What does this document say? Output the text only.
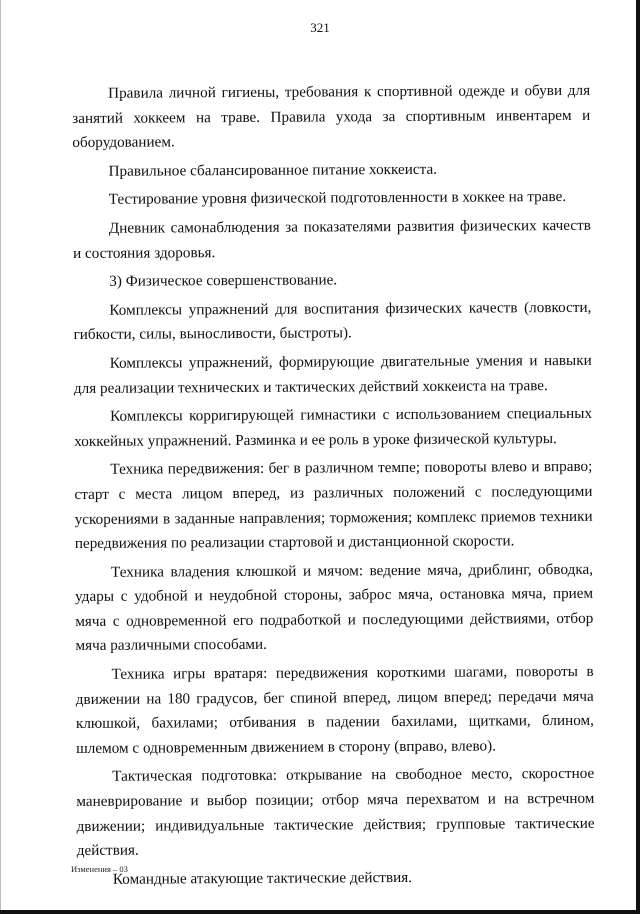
321

Правила личной гигиены, требования к спортивной одежде и обуви для занятий хоккеем на траве. Правила ухода за спортивным инвентарем и оборудованием.

Правильное сбалансированное питание хоккеиста.

Тестирование уровня физической подготовленности в хоккее на траве.

Дневник самонаблюдения за показателями развития физических качеств и состояния здоровья.

3) Физическое совершенствование.

Комплексы упражнений для воспитания физических качеств (ловкости, гибкости, силы, выносливости, быстроты).

Комплексы упражнений, формирующие двигательные умения и навыки для реализации технических и тактических действий хоккеиста на траве.

Комплексы корригирующей гимнастики с использованием специальных хоккейных упражнений. Разминка и ее роль в уроке физической культуры.

Техника передвижения: бег в различном темпе; повороты влево и вправо; старт с места лицом вперед, из различных положений с последующими ускорениями в заданные направления; торможения; комплекс приемов техники передвижения по реализации стартовой и дистанционной скорости.

Техника владения клюшкой и мячом: ведение мяча, дриблинг, обводка, удары с удобной и неудобной стороны, заброс мяча, остановка мяча, прием мяча с одновременной его подработкой и последующими действиями, отбор мяча различными способами.

Техника игры вратаря: передвижения короткими шагами, повороты в движении на 180 градусов, бег спиной вперед, лицом вперед; передачи мяча клюшкой, бахилами; отбивания в падении бахилами, щитками, блином, шлемом с одновременным движением в сторону (вправо, влево).

Тактическая подготовка: открывание на свободное место, скоростное маневрирование и выбор позиции; отбор мяча перехватом и на встречном движении; индивидуальные тактические действия; групповые тактические действия.

Командные атакующие тактические действия.

Изменения – 03
